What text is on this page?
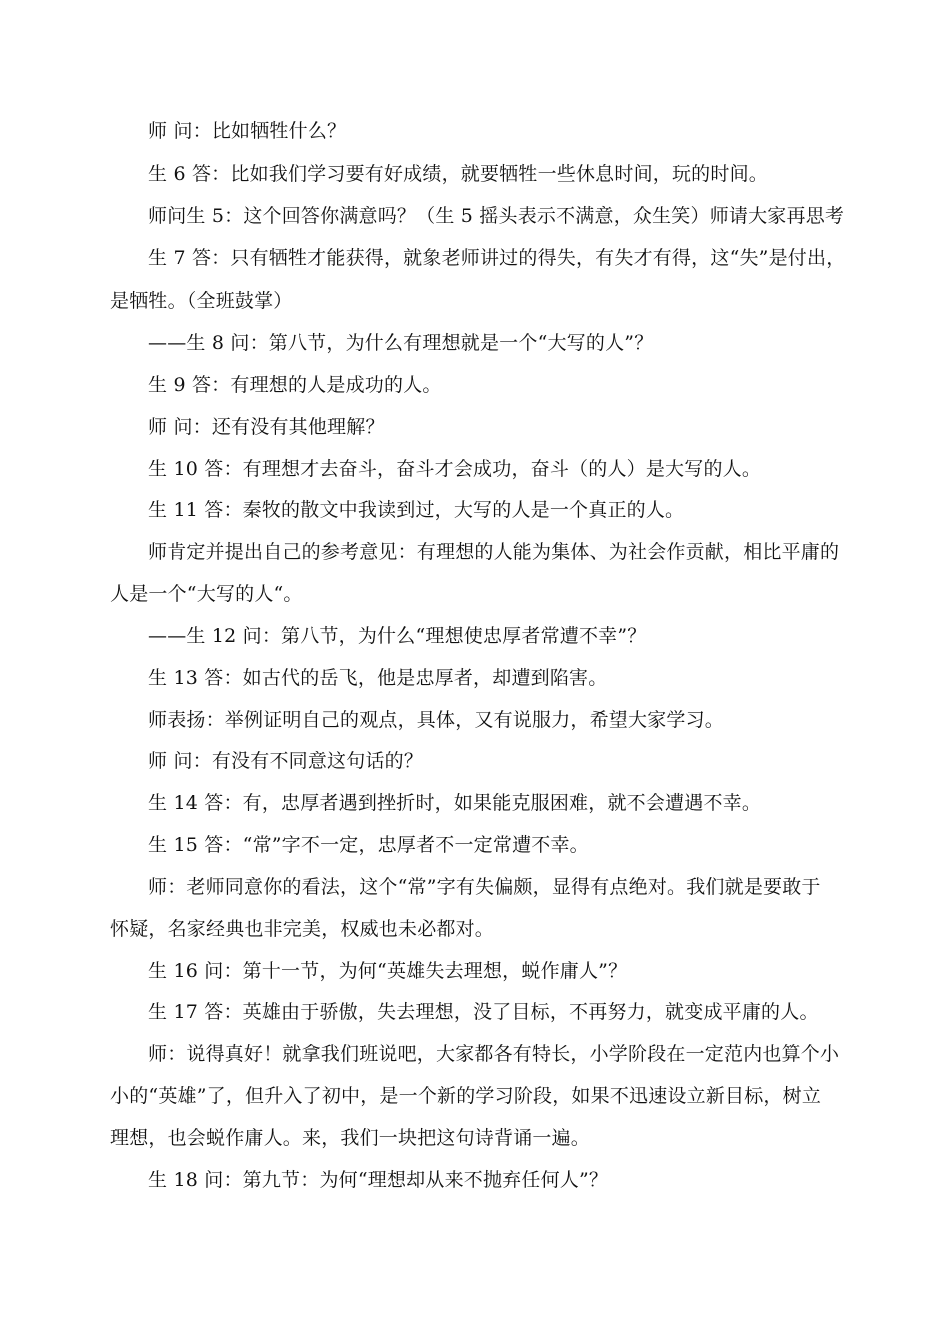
师 问：比如牺牲什么？
生 6 答：比如我们学习要有好成绩，就要牺牲一些休息时间，玩的时间。
师问生 5：这个回答你满意吗？（生 5 摇头表示不满意，众生笑）师请大家再思考
生 7 答：只有牺牲才能获得，就象老师讲过的得失，有失才有得，这“失”是付出，
是牺牲。（全班鼓掌）
——生 8 问：第八节，为什么有理想就是一个“大写的人”？
生 9 答：有理想的人是成功的人。
师 问：还有没有其他理解？
生 10 答：有理想才去奋斗，奋斗才会成功，奋斗（的人）是大写的人。
生 11 答：秦牧的散文中我读到过，大写的人是一个真正的人。
师肯定并提出自己的参考意见：有理想的人能为集体、为社会作贡献，相比平庸的
人是一个“大写的人“。
——生 12 问：第八节，为什么“理想使忠厚者常遭不幸”？
生 13 答：如古代的岳飞，他是忠厚者，却遭到陷害。
师表扬：举例证明自己的观点，具体，又有说服力，希望大家学习。
师 问：有没有不同意这句话的？
生 14 答：有，忠厚者遇到挫折时，如果能克服困难，就不会遭遇不幸。
生 15 答：“常”字不一定，忠厚者不一定常遭不幸。
师：老师同意你的看法，这个“常”字有失偏颇，显得有点绝对。我们就是要敢于
怀疑，名家经典也非完美，权威也未必都对。
生 16 问：第十一节，为何“英雄失去理想，蜕作庸人”？
生 17 答：英雄由于骄傲，失去理想，没了目标，不再努力，就变成平庸的人。
师：说得真好！就拿我们班说吧，大家都各有特长，小学阶段在一定范内也算个小
小的“英雄”了，但升入了初中，是一个新的学习阶段，如果不迅速设立新目标，树立
理想，也会蜕作庸人。来，我们一块把这句诗背诵一遍。
生 18 问：第九节：为何“理想却从来不抛弃任何人”？
